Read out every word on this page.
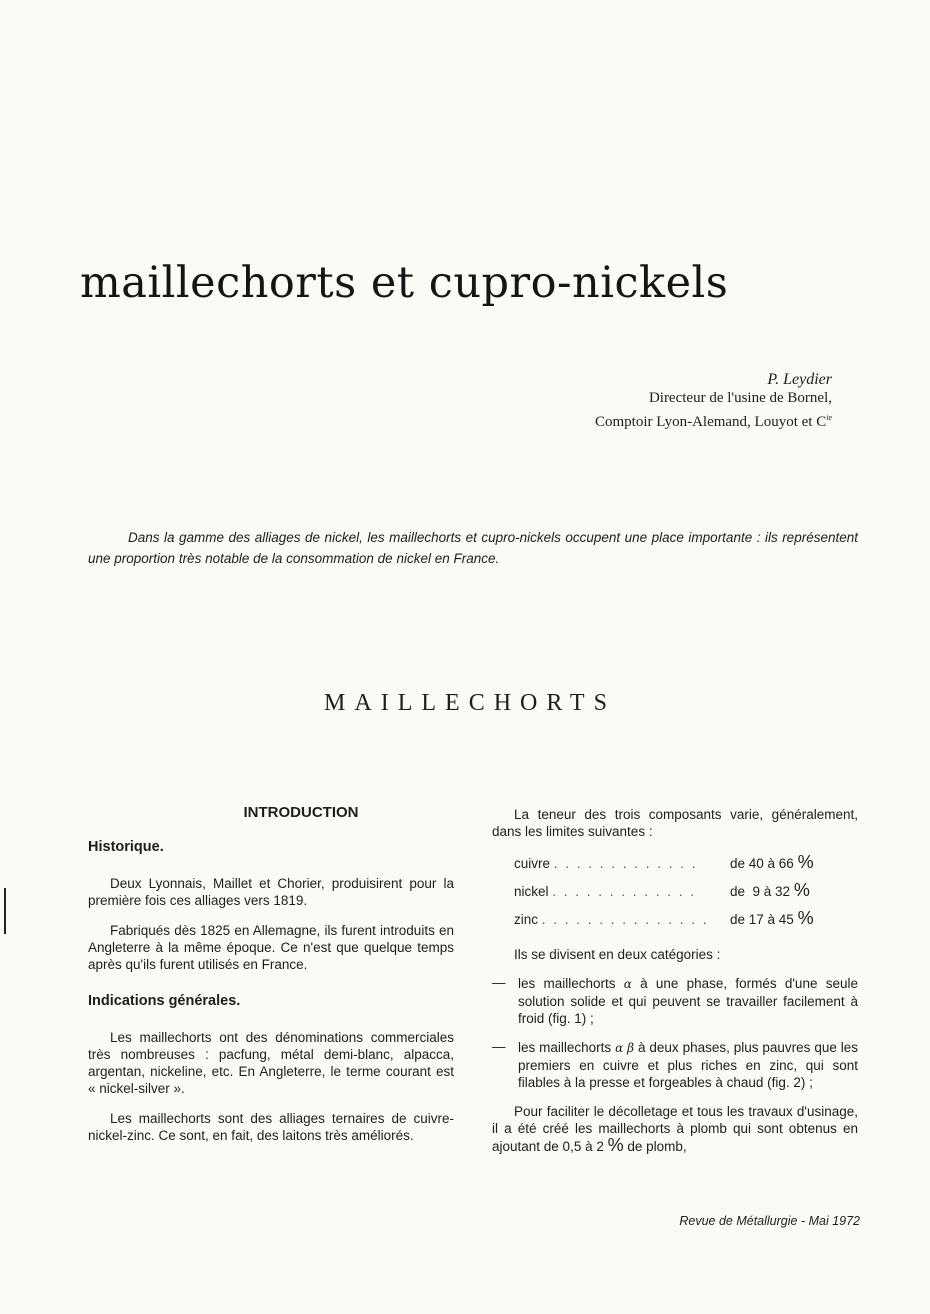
maillechorts et cupro-nickels
P. Leydier
Directeur de l'usine de Bornel,
Comptoir Lyon-Alemand, Louyot et $C^{ie}$

Dans la gamme des alliages de nickel, les maillechorts et cupro-nickels occupent une place importante : ils représentent une proportion très notable de la consommation de nickel en France.

MAILLECHORTS
INTRODUCTION
Historique.

Deux Lyonnais, Maillet et Chorier, produisirent pour la première fois ces alliages vers 1819.

Fabriqués dès 1825 en Allemagne, ils furent introduits en Angleterre à la même époque. Ce n'est que quelque temps après qu'ils furent utilisés en France.

Indications générales.

Les maillechorts ont des dénominations commerciales très nombreuses : pacfung, métal demi-blanc, alpacca, argentan, nickeline, etc. En Angleterre, le terme courant est « nickel-silver ».

Les maillechorts sont des alliages ternaires de cuivre-nickel-zinc. Ce sont, en fait, des laitons très améliorés.

La teneur des trois composants varie, généralement, dans les limites suivantes :

cuivre . . . . . . . . . . . . .	de 40 à 66
%
nickel . . . . . . . . . . . . .	de  9 à 32
%
zinc . . . . . . . . . . . . . . .	de 17 à 45
%

Ils se divisent en deux catégories :

— les maillechorts α à une phase, formés d'une seule solution solide et qui peuvent se travailler facilement à froid (fig. 1) ;

— les maillechorts α β à deux phases, plus pauvres que les premiers en cuivre et plus riches en zinc, qui sont filables à la presse et forgeables à chaud (fig. 2) ;

Pour faciliter le décolletage et tous les travaux d'usinage, il a été créé les maillechorts à plomb qui sont obtenus en ajoutant de 0,5 à 2 % de plomb,

Revue de Métallurgie - Mai 1972
